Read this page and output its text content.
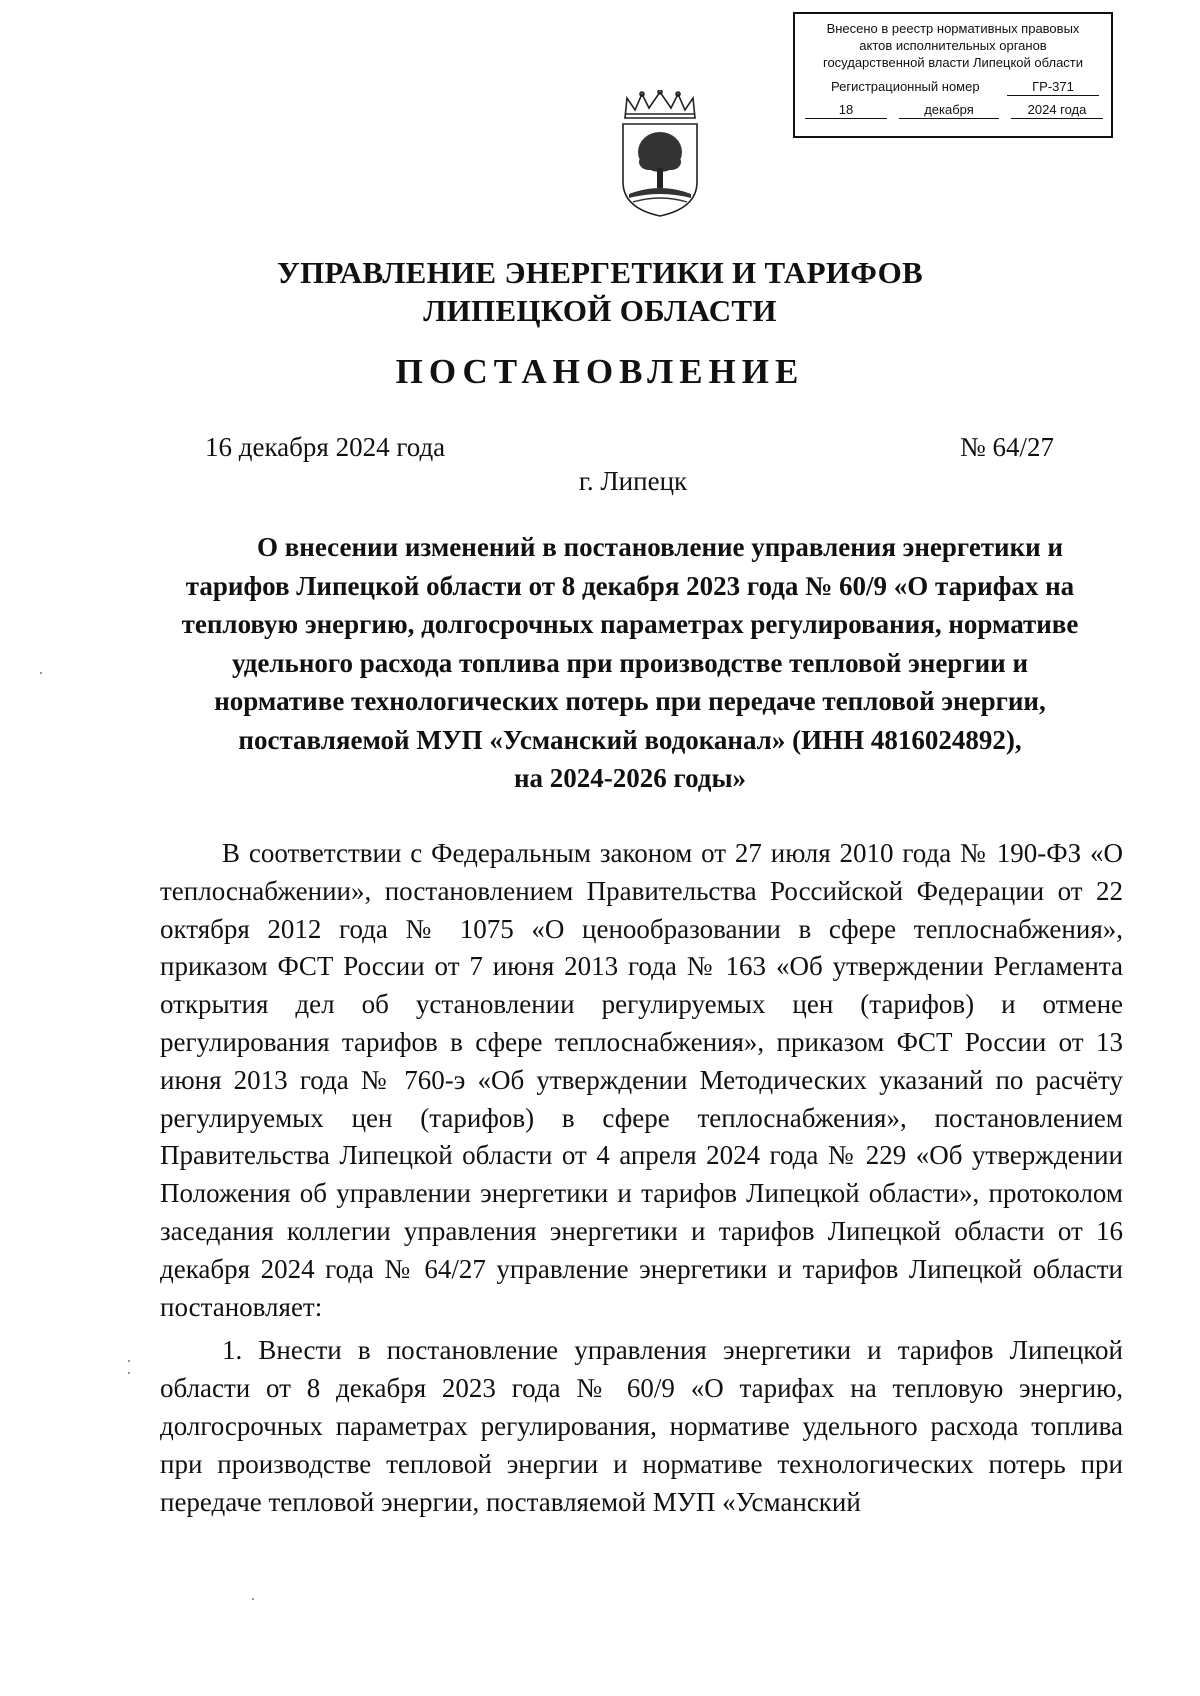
Внесено в реестр нормативных правовых
актов исполнительных органов
государственной власти Липецкой области
Регистрационный номер	ГР-371
18	декабря	2024 года
УПРАВЛЕНИЕ ЭНЕРГЕТИКИ И ТАРИФОВ
ЛИПЕЦКОЙ ОБЛАСТИ
ПОСТАНОВЛЕНИЕ
16 декабря 2024 года	№ 64/27
г. Липецк
О внесении изменений в постановление управления энергетики и
тарифов Липецкой области от 8 декабря 2023 года № 60/9 «О тарифах на
тепловую энергию, долгосрочных параметрах регулирования, нормативе
удельного расхода топлива при производстве тепловой энергии и
нормативе технологических потерь при передаче тепловой энергии,
поставляемой МУП «Усманский водоканал» (ИНН 4816024892),
на 2024-2026 годы»

В соответствии с Федеральным законом от 27 июля 2010 года № 190-ФЗ «О теплоснабжении», постановлением Правительства Российской Федерации от 22 октября 2012 года № 1075 «О ценообразовании в сфере теплоснабжения», приказом ФСТ России от 7 июня 2013 года № 163 «Об утверждении Регламента открытия дел об установлении регулируемых цен (тарифов) и отмене регулирования тарифов в сфере теплоснабжения», приказом ФСТ России от 13 июня 2013 года № 760-э «Об утверждении Методических указаний по расчёту регулируемых цен (тарифов) в сфере теплоснабжения», постановлением Правительства Липецкой области от 4 апреля 2024 года № 229 «Об утверждении Положения об управлении энергетики и тарифов Липецкой области», протоколом заседания коллегии управления энергетики и тарифов Липецкой области от 16 декабря 2024 года № 64/27 управление энергетики и тарифов Липецкой области постановляет:

1. Внести в постановление управления энергетики и тарифов Липецкой области от 8 декабря 2023 года № 60/9 «О тарифах на тепловую энергию, долгосрочных параметрах регулирования, нормативе удельного расхода топлива при производстве тепловой энергии и нормативе технологических потерь при передаче тепловой энергии, поставляемой МУП «Усманский
